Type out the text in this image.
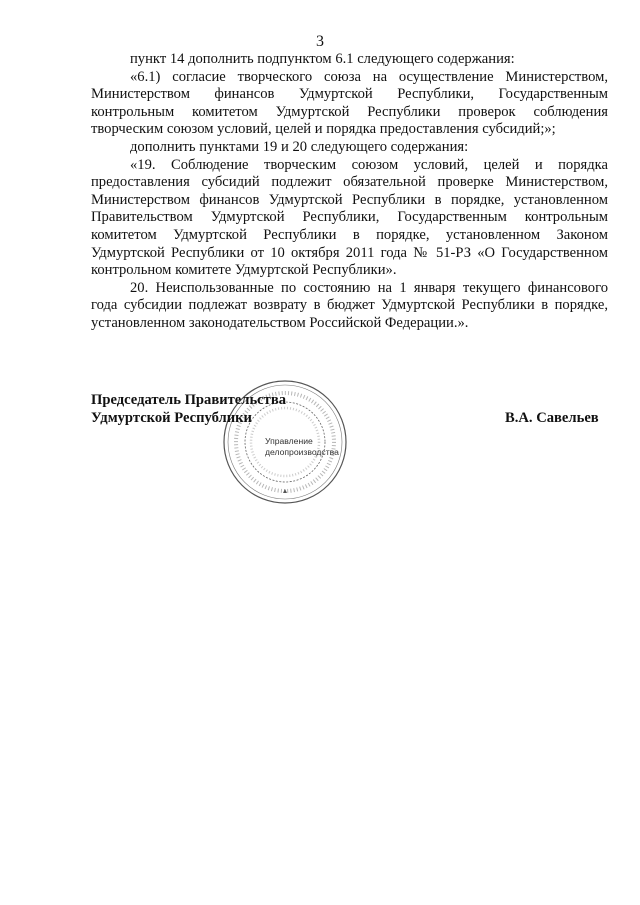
3

пункт 14 дополнить подпунктом 6.1 следующего содержания:

«6.1) согласие творческого союза на осуществление Министерством, Министерством финансов Удмуртской Республики, Государственным контрольным комитетом Удмуртской Республики проверок соблюдения творческим союзом условий, целей и порядка предоставления субсидий;»;

дополнить пунктами 19 и 20 следующего содержания:

«19. Соблюдение творческим союзом условий, целей и порядка предоставления субсидий подлежит обязательной проверке Министерством, Министерством финансов Удмуртской Республики в порядке, установленном Правительством Удмуртской Республики, Государственным контрольным комитетом Удмуртской Республики в порядке, установленном Законом Удмуртской Республики от 10 октября 2011 года № 51-РЗ «О Государственном контрольном комитете Удмуртской Республики».

20. Неиспользованные по состоянию на 1 января текущего финансового года субсидии подлежат возврату в бюджет Удмуртской Республики в порядке, установленном законодательством Российской Федерации.».

Управление
делопроизводства
Председатель Правительства
Удмуртской Республики	В.А. Савельев
